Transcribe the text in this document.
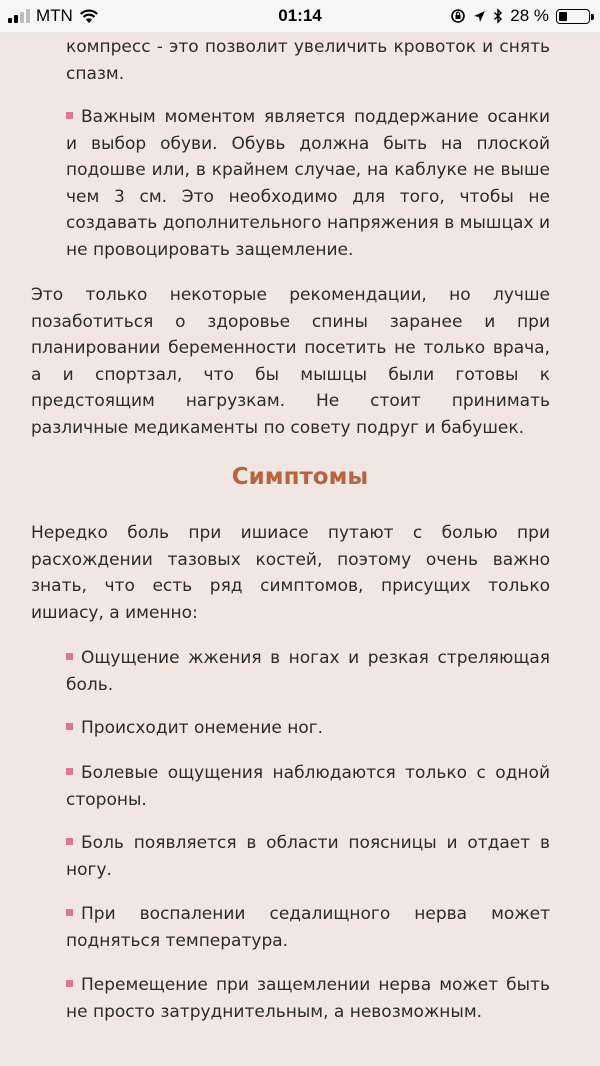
MTN	01:14	28 %

компресс - это позволит увеличить кровоток и снять спазм.

Важным моментом является поддержание осанки и выбор обуви. Обувь должна быть на плоской подошве или, в крайнем случае, на каблуке не выше чем 3 см. Это необходимо для того, чтобы не создавать дополнительного напряжения в мышцах и не провоцировать защемление.

Это только некоторые рекомендации, но лучше позаботиться о здоровье спины заранее и при планировании беременности посетить не только врача, а и спортзал, что бы мышцы были готовы к предстоящим нагрузкам. Не стоит принимать различные медикаменты по совету подруг и бабушек.

Симптомы

Нередко боль при ишиасе путают с болью при расхождении тазовых костей, поэтому очень важно знать, что есть ряд симптомов, присущих только ишиасу, а именно:

Ощущение жжения в ногах и резкая стреляющая боль.

Происходит онемение ног.

Болевые ощущения наблюдаются только с одной стороны.

Боль появляется в области поясницы и отдает в ногу.

При воспалении седалищного нерва может подняться температура.

Перемещение при защемлении нерва может быть не просто затруднительным, а невозможным.
